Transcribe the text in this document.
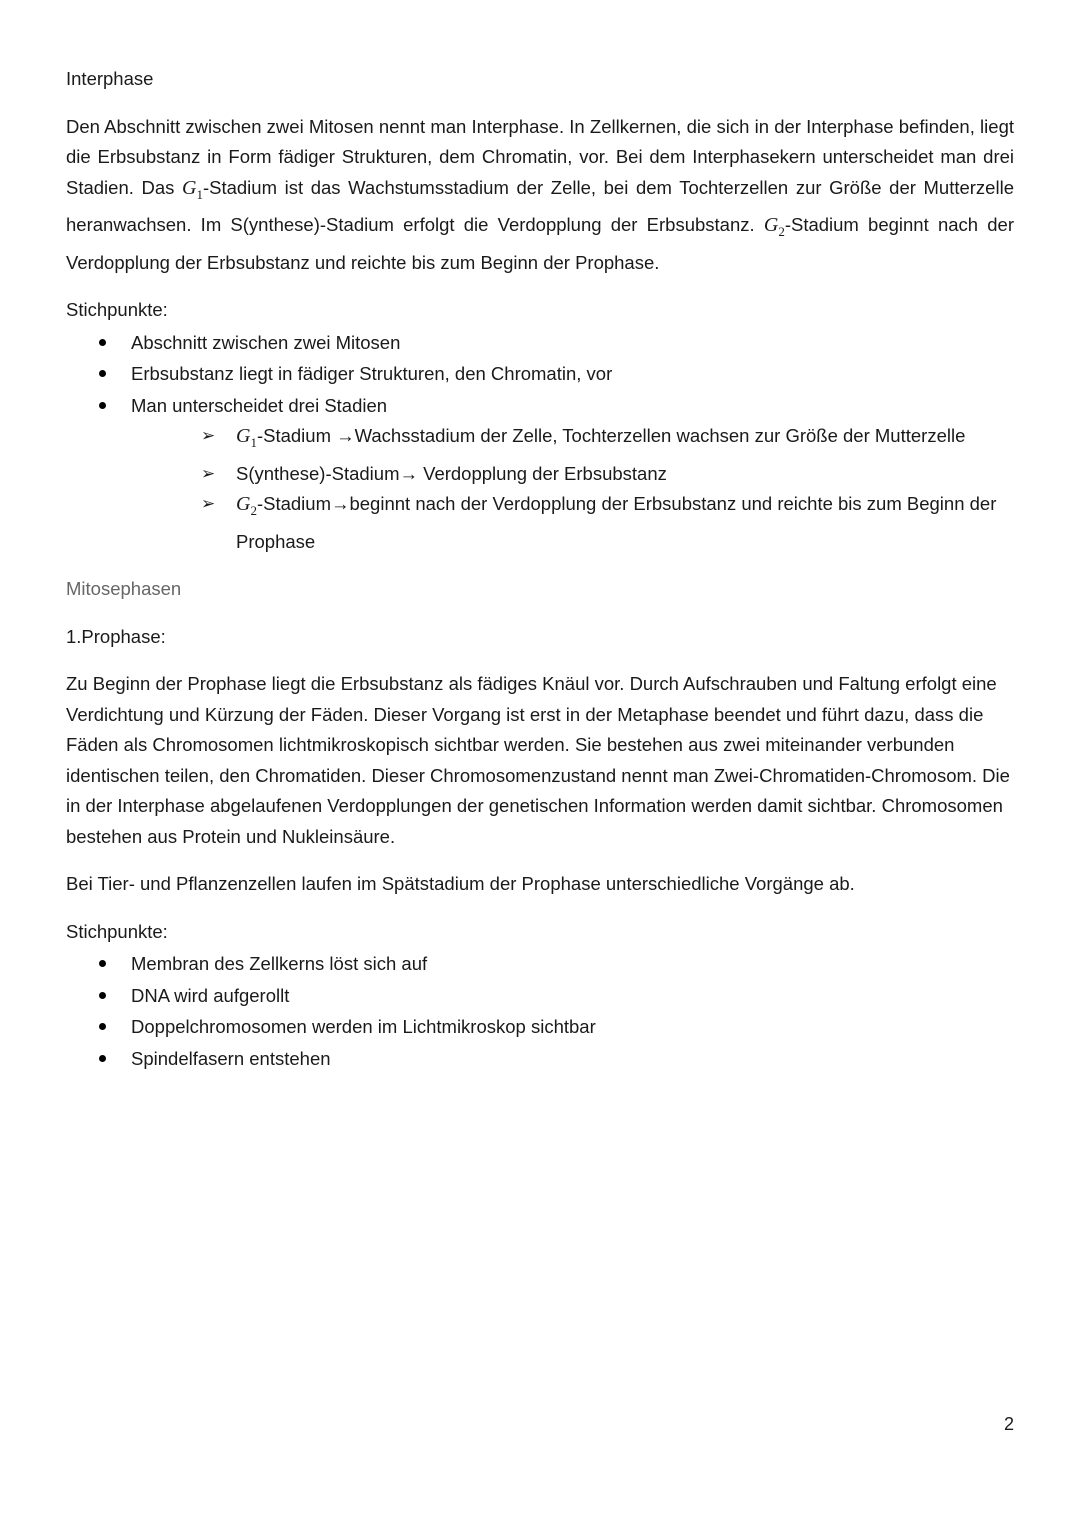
Interphase

Den Abschnitt zwischen zwei Mitosen nennt man Interphase. In Zellkernen, die sich in der Interphase befinden, liegt die Erbsubstanz in Form fädiger Strukturen, dem Chromatin, vor. Bei dem Interphasekern unterscheidet man drei Stadien. Das $G_1$-Stadium ist das Wachstumsstadium der Zelle, bei dem Tochterzellen zur Größe der Mutterzelle heranwachsen. Im S(ynthese)-Stadium erfolgt die Verdopplung der Erbsubstanz. $G_2$-Stadium beginnt nach der Verdopplung der Erbsubstanz und reichte bis zum Beginn der Prophase.

Stichpunkte:

Abschnitt zwischen zwei Mitosen
Erbsubstanz liegt in fädiger Strukturen, den Chromatin, vor
Man unterscheidet drei Stadien
➢ $G_1$-Stadium →Wachsstadium der Zelle, Tochterzellen wachsen zur Größe der Mutterzelle
➢ S(ynthese)-Stadium→ Verdopplung der Erbsubstanz
➢ $G_2-Stadium\to beginnt$ nach der Verdopplung der Erbsubstanz und reichte bis zum Beginn der Prophase

Mitosephasen

1.Prophase:

Zu Beginn der Prophase liegt die Erbsubstanz als fädiges Knäul vor. Durch Aufschrauben und Faltung erfolgt eine Verdichtung und Kürzung der Fäden. Dieser Vorgang ist erst in der Metaphase beendet und führt dazu, dass die Fäden als Chromosomen lichtmikroskopisch sichtbar werden. Sie bestehen aus zwei miteinander verbunden identischen teilen, den Chromatiden. Dieser Chromosomenzustand nennt man Zwei-Chromatiden-Chromosom. Die in der Interphase abgelaufenen Verdopplungen der genetischen Information werden damit sichtbar. Chromosomen bestehen aus Protein und Nukleinsäure.

Bei Tier- und Pflanzenzellen laufen im Spätstadium der Prophase unterschiedliche Vorgänge ab.

Stichpunkte:

Membran des Zellkerns löst sich auf
DNA wird aufgerollt
Doppelchromosomen werden im Lichtmikroskop sichtbar
Spindelfasern entstehen
2
